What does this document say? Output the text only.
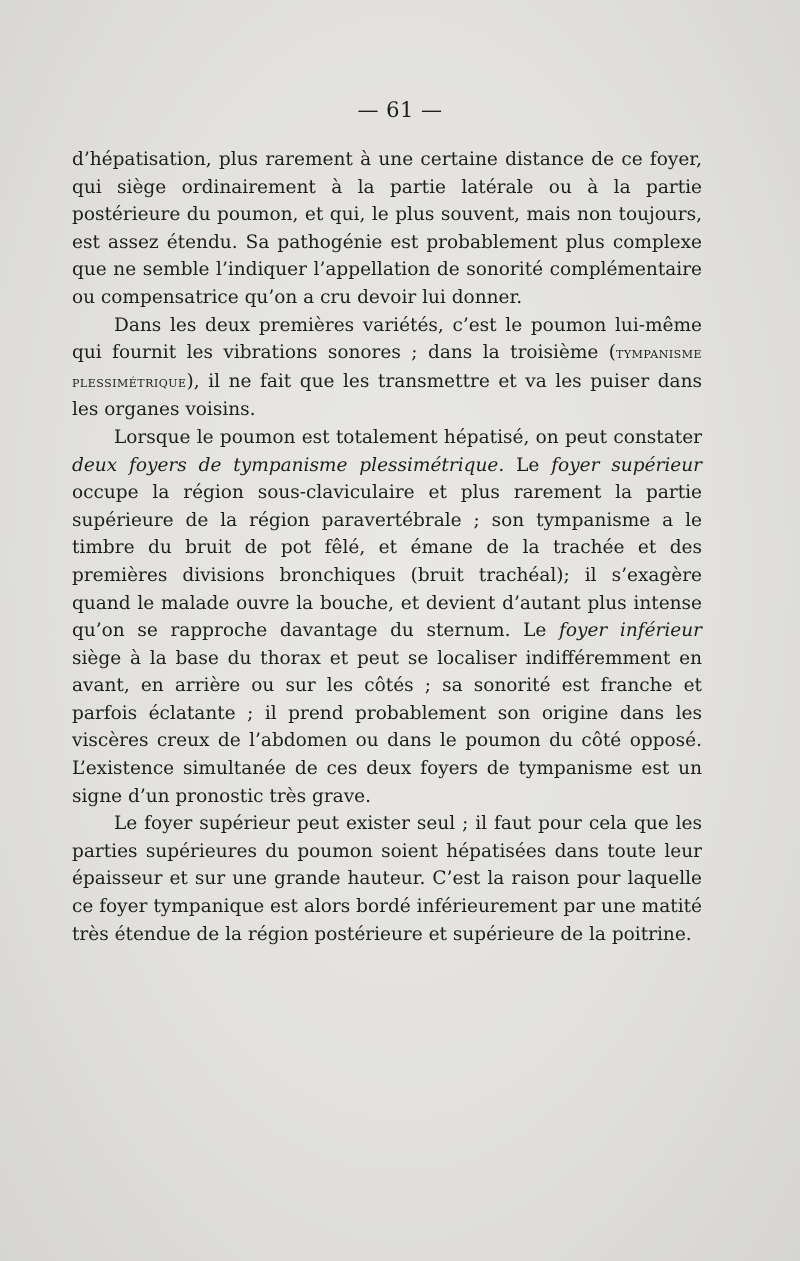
— 61 —

d’hépatisation, plus rarement à une certaine distance de ce foyer, qui siège ordinairement à la partie latérale ou à la partie postérieure du poumon, et qui, le plus souvent, mais non toujours, est assez étendu. Sa pathogénie est probablement plus complexe que ne semble l’indiquer l’appellation de sonorité complémentaire ou compensatrice qu’on a cru devoir lui donner.

Dans les deux premières variétés, c’est le poumon lui-même qui fournit les vibrations sonores ; dans la troisième (tympanisme plessimétrique), il ne fait que les transmettre et va les puiser dans les organes voisins.

Lorsque le poumon est totalement hépatisé, on peut constater deux foyers de tympanisme plessimétrique. Le foyer supérieur occupe la région sous-claviculaire et plus rarement la partie supérieure de la région paravertébrale ; son tympanisme a le timbre du bruit de pot fêlé, et émane de la trachée et des premières divisions bronchiques (bruit trachéal); il s’exagère quand le malade ouvre la bouche, et devient d’autant plus intense qu’on se rapproche davantage du sternum. Le foyer inférieur siège à la base du thorax et peut se localiser indifféremment en avant, en arrière ou sur les côtés ; sa sonorité est franche et parfois éclatante ; il prend probablement son origine dans les viscères creux de l’abdomen ou dans le poumon du côté opposé. L’existence simultanée de ces deux foyers de tympanisme est un signe d’un pronostic très grave.

Le foyer supérieur peut exister seul ; il faut pour cela que les parties supérieures du poumon soient hépatisées dans toute leur épaisseur et sur une grande hauteur. C’est la raison pour laquelle ce foyer tympanique est alors bordé inférieurement par une matité très étendue de la région postérieure et supérieure de la poitrine.
